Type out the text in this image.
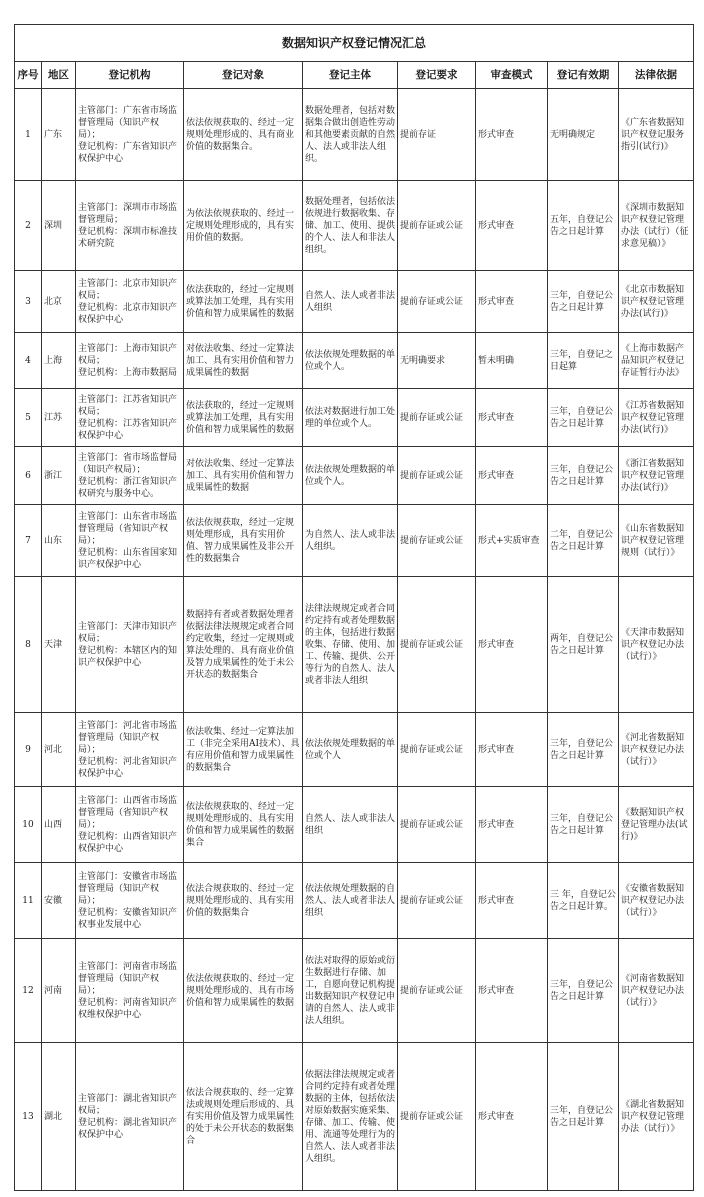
数据知识产权登记情况汇总								
序号	地区	登记机构	登记对象	登记主体	登记要求	审查模式	登记有效期	法律依据
1	广东	主管部门：广东省市场监督管理局（知识产权局）；
登记机构：广东省知识产权保护中心	依法依规获取的、经过一定规则处理形成的、具有商业价值的数据集合。	数据处理者，包括对数据集合做出创造性劳动和其他要素贡献的自然人、法人或非法人组织。	提前存证	形式审查	无明确规定	《广东省数据知识产权登记服务指引(试行)》
2	深圳	主管部门：深圳市市场监督管理局；
登记机构：深圳市标准技术研究院	为依法依规获取的、经过一定规则处理形成的，具有实用价值的数据。	数据处理者，包括依法依规进行数据收集、存储、加工、使用、提供的个人、法人和非法人组织。	提前存证或公证	形式审查	五年，自登记公告之日起计算	《深圳市数据知识产权登记管理办法（试行）（征求意见稿）》
3	北京	主管部门：北京市知识产权局；
登记机构：北京市知识产权保护中心	依法获取的，经过一定规则或算法加工处理，具有实用价值和智力成果属性的数据	自然人、法人或者非法人组织	提前存证或公证	形式审查	三年，自登记公告之日起计算	《北京市数据知识产权登记管理办法(试行)》
4	上海	主管部门：上海市知识产权局；
登记机构：上海市数据局	对依法收集、经过一定算法加工、具有实用价值和智力成果属性的数据	依法依规处理数据的单位或个人。	无明确要求	暂未明确	三年，自登记之日起算	《上海市数据产品知识产权登记存证暂行办法》
5	江苏	主管部门：江苏省知识产权局；
登记机构：江苏省知识产权保护中心	依法获取的，经过一定规则或算法加工处理，具有实用价值和智力成果属性的数据	依法对数据进行加工处理的单位或个人。	提前存证或公证	形式审查	三年，自登记公告之日起计算	《江苏省数据知识产权登记管理办法(试行)》
6	浙江	主管部门：省市场监督局（知识产权局）；
登记机构：浙江省知识产权研究与服务中心。	对依法收集、经过一定算法加工、具有实用价值和智力成果属性的数据	依法依规处理数据的单位或个人。	提前存证或公证	形式审查	三年，自登记公告之日起计算	《浙江省数据知识产权登记管理办法(试行)》
7	山东	主管部门：山东省市场监督管理局（省知识产权局）；
登记机构：山东省国家知识产权保护中心	依法依规获取，经过一定规则处理形成，具有实用价值、智力成果属性及非公开性的数据集合	为自然人、法人或非法人组织。	提前存证或公证	形式+实质审查	二年，自登记公告之日起计算	《山东省数据知识产权登记管理规则（试行）》
8	天津	主管部门：天津市知识产权局；
登记机构：本辖区内的知识产权保护中心	数据持有者或者数据处理者依据法律法规规定或者合同约定收集，经过一定规则或算法处理的、具有商业价值及智力成果属性的处于未公开状态的数据集合	法律法规规定或者合同约定持有或者处理数据的主体，包括进行数据收集、存储、使用、加工、传输、提供、公开等行为的自然人、法人或者非法人组织	提前存证或公证	形式审查	两年，自登记公告之日起计算	《天津市数据知识产权登记办法（试行）》
9	河北	主管部门：河北省市场监督管理局（知识产权局）；
登记机构：河北省知识产权保护中心	依法收集、经过一定算法加工（非完全采用AI技术）、具有应用价值和智力成果属性的数据集合	依法依规处理数据的单位或个人	提前存证或公证	形式审查	三年，自登记公告之日起计算	《河北省数据知识产权登记办法（试行）》
10	山西	主管部门：山西省市场监督管理局（省知识产权局）；
登记机构：山西省知识产权保护中心	依法依规获取的、经过一定规则处理形成的、具有实用价值和智力成果属性的数据集合	自然人、法人或非法人组织	提前存证或公证	形式审查	三年，自登记公告之日起计算	《数据知识产权登记管理办法(试行)》
11	安徽	主管部门：安徽省市场监督管理局（知识产权局）；
登记机构：安徽省知识产权事业发展中心	依法合规获取的、经过一定规则处理形成的、具有实用价值的数据集合	依法依规处理数据的自然人、法人或者非法人组织	提前存证或公证	形式审查	三 年，自登记公告之日起计算。	《安徽省数据知识产权登记办法（试行）》
12	河南	主管部门：河南省市场监督管理局（知识产权局）；
登记机构：河南省知识产权维权保护中心	依法依规获取的、经过一定规则处理形成的、具有市场价值和智力成果属性的数据	依法对取得的原始或衍生数据进行存储、加工，自愿向登记机构提出数据知识产权登记申请的自然人、法人或非法人组织。	提前存证或公证	形式审查	三年，自登记公告之日起计算	《河南省数据知识产权登记办法（试行）》
13	湖北	主管部门：湖北省知识产权局；
登记机构：湖北省知识产权保护中心	依法合规获取的、经一定算法或规则处理后形成的、具有实用价值及智力成果属性的处于未公开状态的数据集合	依据法律法规规定或者合同约定持有或者处理数据的主体，包括依法对原始数据实施采集、存储、加工、传输、使用、流通等处理行为的自然人、法人或者非法人组织。	提前存证或公证	形式审查	三年，自登记公告之日起计算	《湖北省数据知识产权登记管理办法（试行）》
